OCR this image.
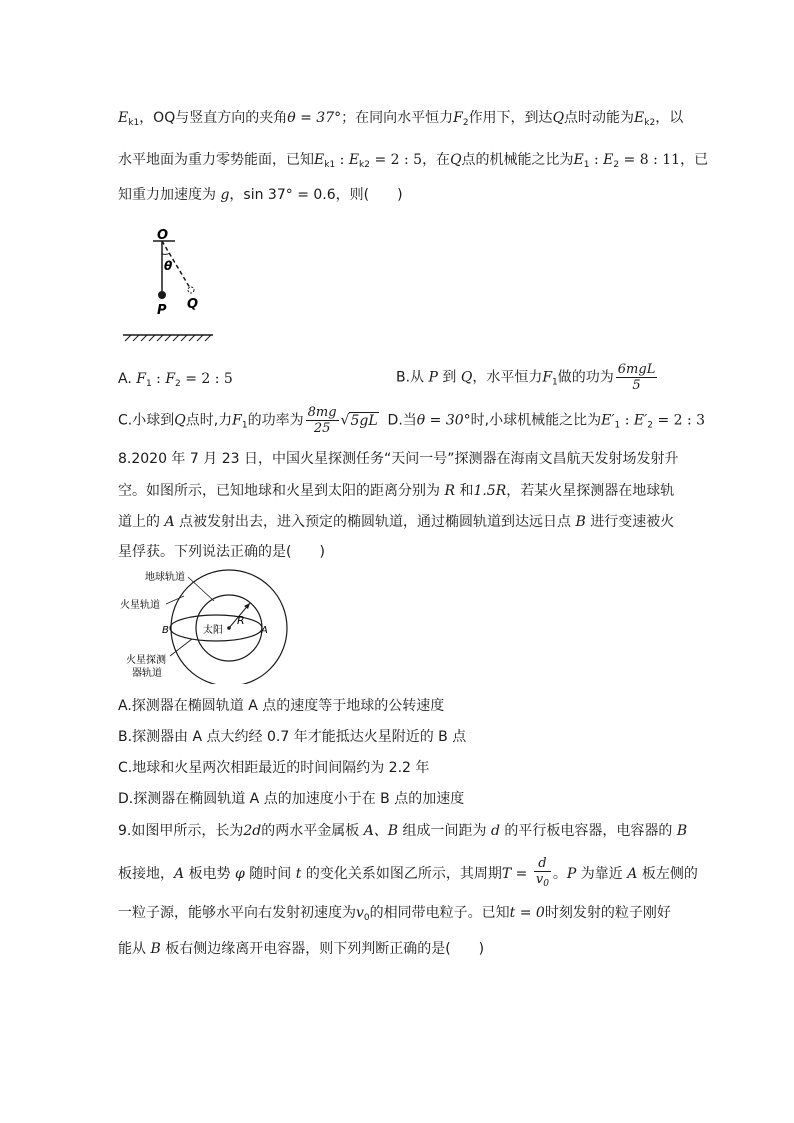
$E_{k1}$，OQ与竖直方向的夹角θ = 37°；在同向水平恒力$F_2$作用下，到达Q点时动能为$E_{k2}$，以
水平地面为重力零势能面，已知$E_{k1}$ : $E_{k2} = 2$ : 5，在Q点的机械能之比为$E_1$ : $E_2 = 8$ : 11，已
知重力加速度为 g，sin 37° = 0.6，则(　　)
O
θ
Q
P
A. $F_1$ : $F_2 = 2$ : 5	B.从 P 到 Q，水平恒力$F_1$做的功为 $\frac{\text{6mgL}}{5}$
C.小球到Q点时,力$F_1$的功率为 $\frac{8mg}{25} √5gL$ D.当θ = 30°时,小球机械能之比为$E'_1$ : $E'_2 = 2$ : 3
8.2020 年 7 月 23 日，中国火星探测任务“天问一号”探测器在海南文昌航天发射场发射升
空。如图所示，已知地球和火星到太阳的距离分别为 R 和1.5R，若某火星探测器在地球轨
道上的 A 点被发射出去，进入预定的椭圆轨道，通过椭圆轨道到达远日点 B 进行变速被火
星俘获。下列说法正确的是(　　)
R
太阳	A
B
地球轨道
火星轨道
火星探测
器轨道
A.探测器在椭圆轨道 A 点的速度等于地球的公转速度
B.探测器由 A 点大约经 0.7 年才能抵达火星附近的 B 点
C.地球和火星两次相距最近的时间间隔约为 2.2 年
D.探测器在椭圆轨道 A 点的加速度小于在 B 点的加速度
9.如图甲所示，长为2d的两水平金属板 A、B 组成一间距为 d 的平行板电容器，电容器的 B
板接地，A 板电势 φ 随时间 t 的变化关系如图乙所示，其周期$T = \frac{d}{v_0}$ 。P 为靠近 A 板左侧的
一粒子源，能够水平向右发射初速度为$v_0$的相同带电粒子。已知t = 0时刻发射的粒子刚好
能从 B 板右侧边缘离开电容器，则下列判断正确的是(　　)
